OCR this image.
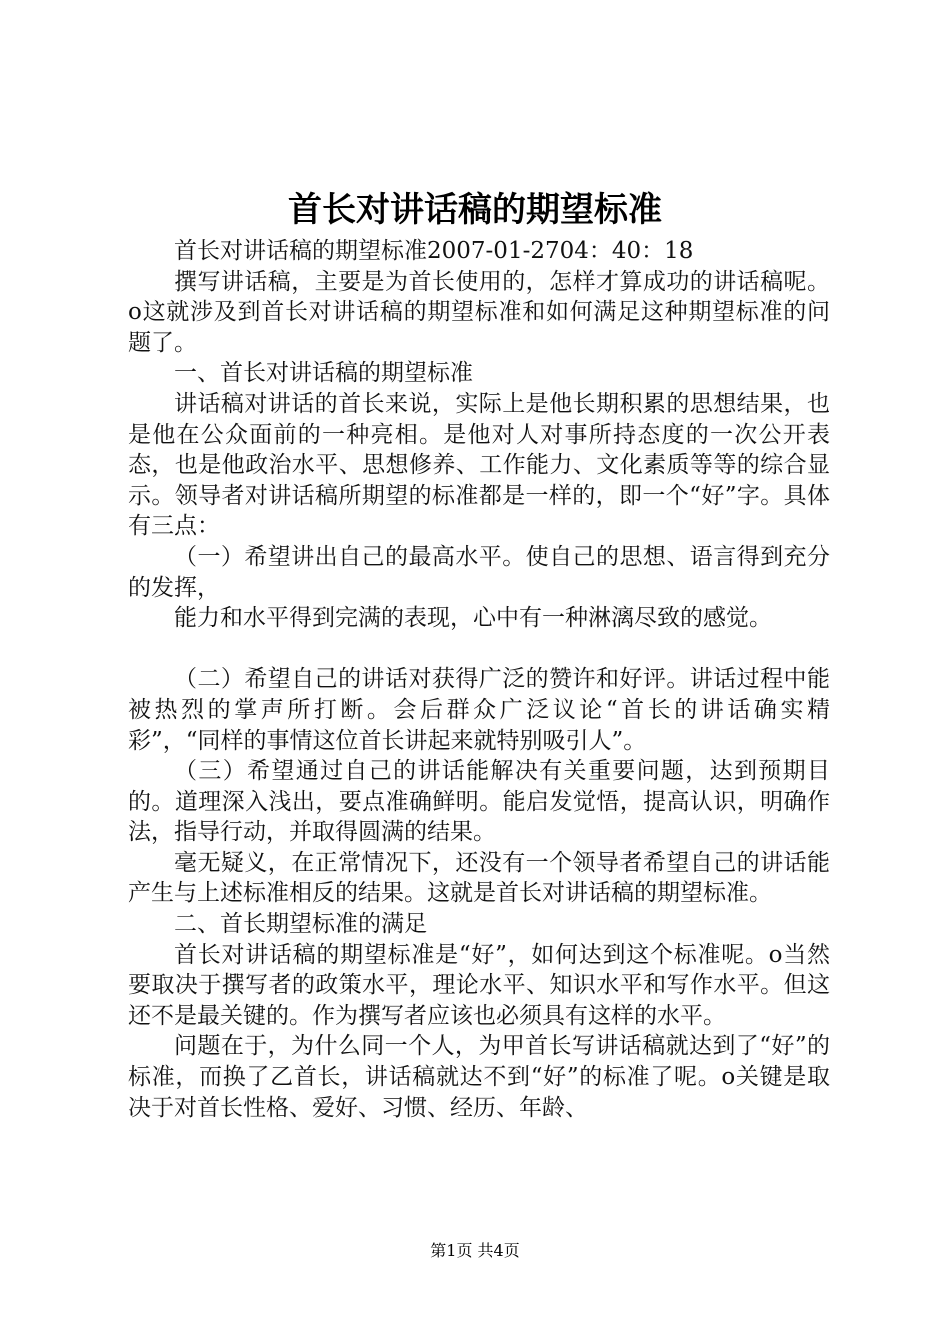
首长对讲话稿的期望标准

首长对讲话稿的期望标准2007-01-2704：40：18

撰写讲话稿，主要是为首长使用的，怎样才算成功的讲话稿呢。o这就涉及到首长对讲话稿的期望标准和如何满足这种期望标准的问题了。

一、首长对讲话稿的期望标准

讲话稿对讲话的首长来说，实际上是他长期积累的思想结果，也是他在公众面前的一种亮相。是他对人对事所持态度的一次公开表态，也是他政治水平、思想修养、工作能力、文化素质等等的综合显示。领导者对讲话稿所期望的标准都是一样的，即一个“好”字。具体有三点：

（一）希望讲出自己的最高水平。使自己的思想、语言得到充分的发挥，

能力和水平得到完满的表现，心中有一种淋漓尽致的感觉。

（二）希望自己的讲话对获得广泛的赞许和好评。讲话过程中能被热烈的掌声所打断。会后群众广泛议论“首长的讲话确实精彩”，“同样的事情这位首长讲起来就特别吸引人”。

（三）希望通过自己的讲话能解决有关重要问题，达到预期目的。道理深入浅出，要点准确鲜明。能启发觉悟，提高认识，明确作法，指导行动，并取得圆满的结果。

毫无疑义，在正常情况下，还没有一个领导者希望自己的讲话能产生与上述标准相反的结果。这就是首长对讲话稿的期望标准。

二、首长期望标准的满足

首长对讲话稿的期望标准是“好”，如何达到这个标准呢。o当然要取决于撰写者的政策水平，理论水平、知识水平和写作水平。但这还不是最关键的。作为撰写者应该也必须具有这样的水平。

问题在于，为什么同一个人，为甲首长写讲话稿就达到了“好”的标准，而换了乙首长，讲话稿就达不到“好”的标准了呢。o关键是取决于对首长性格、爱好、习惯、经历、年龄、

第1页 共4页
